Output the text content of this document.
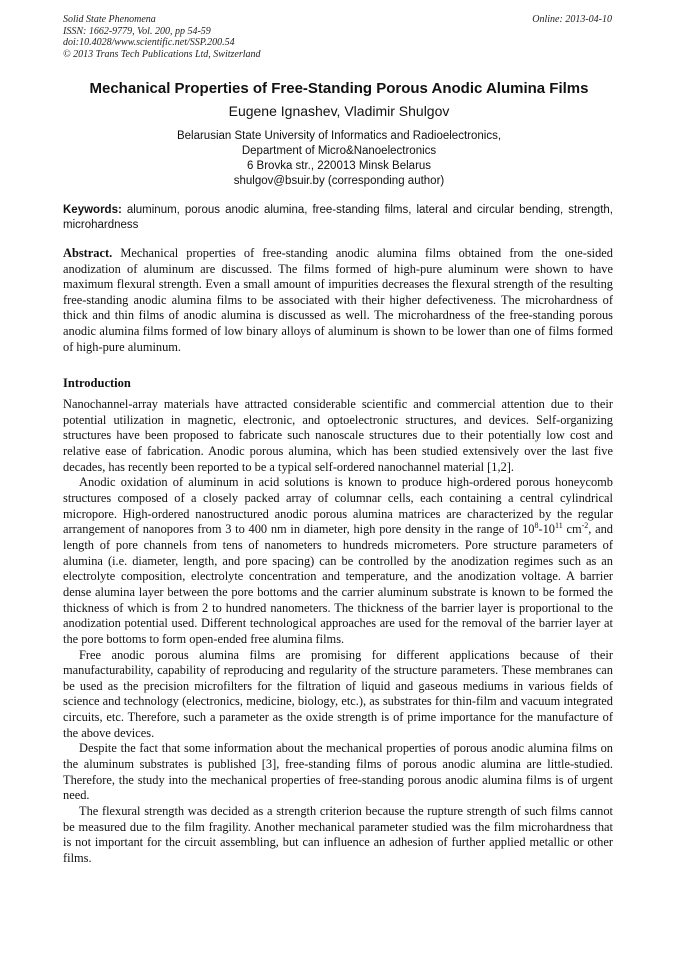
Solid State Phenomena
ISSN: 1662-9779, Vol. 200, pp 54-59
doi:10.4028/www.scientific.net/SSP.200.54
© 2013 Trans Tech Publications Ltd, Switzerland
Online: 2013-04-10
Mechanical Properties of Free-Standing Porous Anodic Alumina Films
Eugene Ignashev, Vladimir Shulgov
Belarusian State University of Informatics and Radioelectronics,
Department of Micro&Nanoelectronics
6 Brovka str., 220013 Minsk Belarus
shulgov@bsuir.by (corresponding author)
Keywords: aluminum, porous anodic alumina, free-standing films, lateral and circular bending, strength, microhardness
Abstract. Mechanical properties of free-standing anodic alumina films obtained from the one-sided anodization of aluminum are discussed. The films formed of high-pure aluminum were shown to have maximum flexural strength. Even a small amount of impurities decreases the flexural strength of the resulting free-standing anodic alumina films to be associated with their higher defectiveness. The microhardness of thick and thin films of anodic alumina is discussed as well. The microhardness of the free-standing porous anodic alumina films formed of low binary alloys of aluminum is shown to be lower than one of films formed of high-pure aluminum.
Introduction

Nanochannel-array materials have attracted considerable scientific and commercial attention due to their potential utilization in magnetic, electronic, and optoelectronic structures, and devices. Self-organizing structures have been proposed to fabricate such nanoscale structures due to their potentially low cost and relative ease of fabrication. Anodic porous alumina, which has been studied extensively over the last five decades, has recently been reported to be a typical self-ordered nanochannel material [1,2].

Anodic oxidation of aluminum in acid solutions is known to produce high-ordered porous honeycomb structures composed of a closely packed array of columnar cells, each containing a central cylindrical micropore. High-ordered nanostructured anodic porous alumina matrices are characterized by the regular arrangement of nanopores from 3 to 400 nm in diameter, high pore density in the range of $10^8-10^{11}$ $cm^{-2}$, and length of pore channels from tens of nanometers to hundreds micrometers. Pore structure parameters of alumina (i.e. diameter, length, and pore spacing) can be controlled by the anodization regimes such as an electrolyte composition, electrolyte concentration and temperature, and the anodization voltage. A barrier dense alumina layer between the pore bottoms and the carrier aluminum substrate is known to be formed the thickness of which is from 2 to hundred nanometers. The thickness of the barrier layer is proportional to the anodization potential used. Different technological approaches are used for the removal of the barrier layer at the pore bottoms to form open-ended free alumina films.

Free anodic porous alumina films are promising for different applications because of their manufacturability, capability of reproducing and regularity of the structure parameters. These membranes can be used as the precision microfilters for the filtration of liquid and gaseous mediums in various fields of science and technology (electronics, medicine, biology, etc.), as substrates for thin-film and vacuum integrated circuits, etc. Therefore, such a parameter as the oxide strength is of prime importance for the manufacture of the above devices.

Despite the fact that some information about the mechanical properties of porous anodic alumina films on the aluminum substrates is published [3], free-standing films of porous anodic alumina are little-studied. Therefore, the study into the mechanical properties of free-standing porous anodic alumina films is of urgent need.

The flexural strength was decided as a strength criterion because the rupture strength of such films cannot be measured due to the film fragility. Another mechanical parameter studied was the film microhardness that is not important for the circuit assembling, but can influence an adhesion of further applied metallic or other films.
